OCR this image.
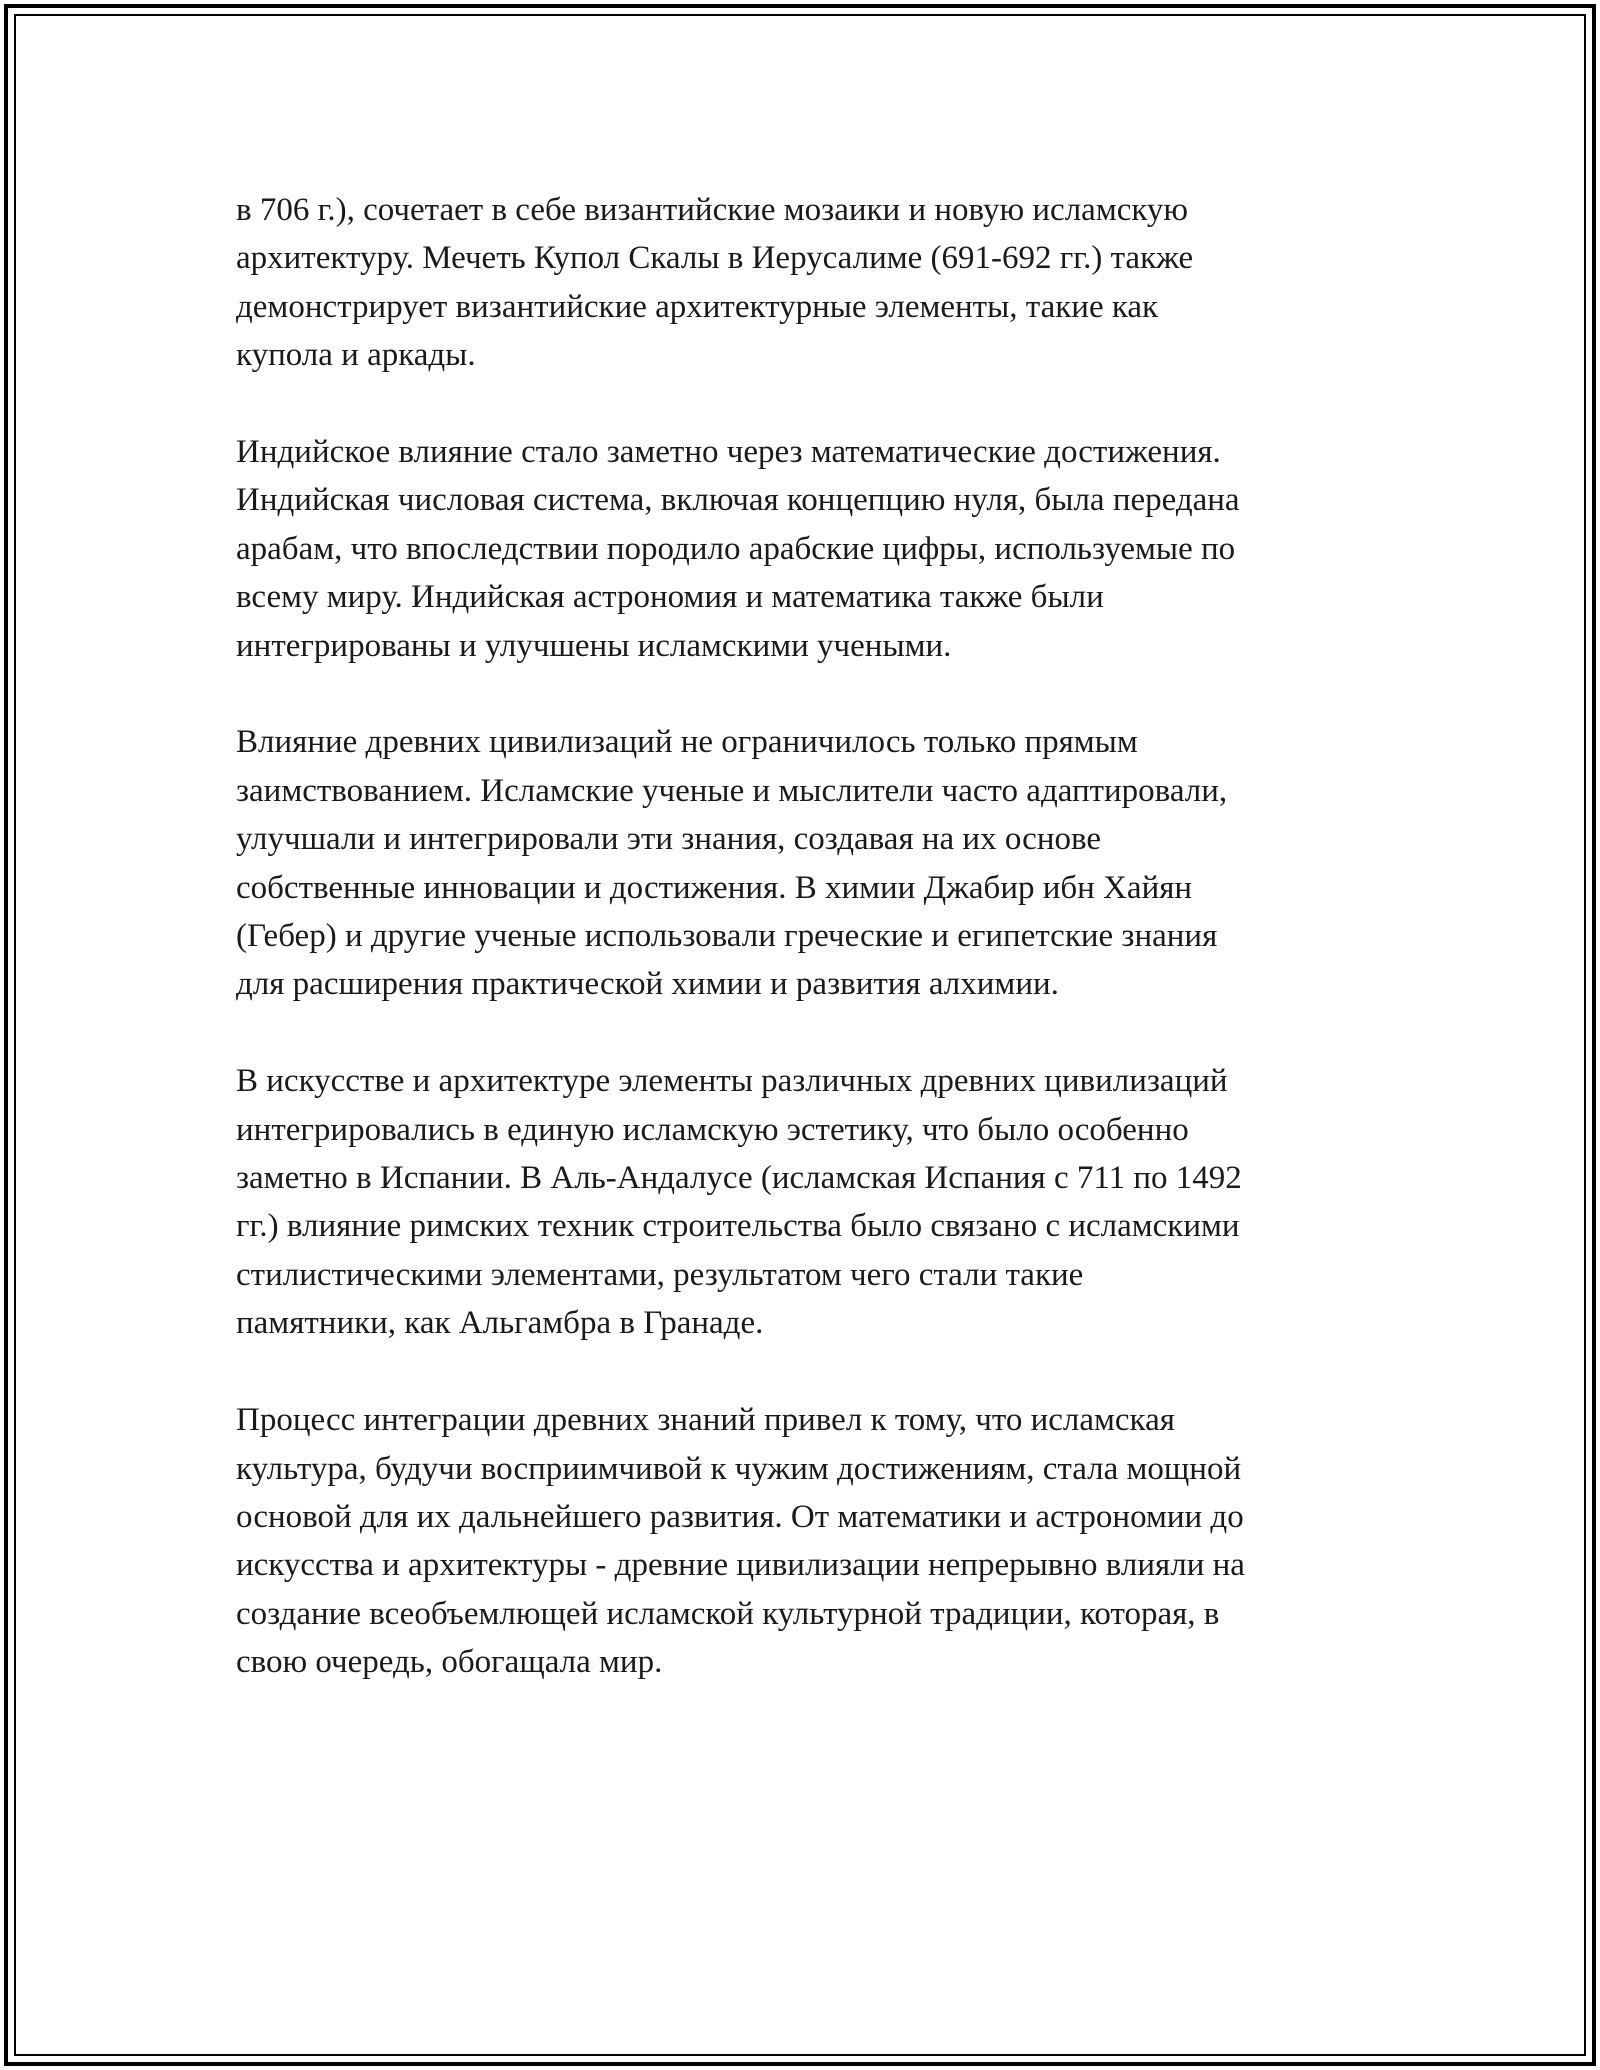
в 706 г.), сочетает в себе византийские мозаики и новую исламскую
архитектуру. Мечеть Купол Скалы в Иерусалиме (691-692 гг.) также
демонстрирует византийские архитектурные элементы, такие как
купола и аркады.

Индийское влияние стало заметно через математические достижения.
Индийская числовая система, включая концепцию нуля, была передана
арабам, что впоследствии породило арабские цифры, используемые по
всему миру. Индийская астрономия и математика также были
интегрированы и улучшены исламскими учеными.

Влияние древних цивилизаций не ограничилось только прямым
заимствованием. Исламские ученые и мыслители часто адаптировали,
улучшали и интегрировали эти знания, создавая на их основе
собственные инновации и достижения. В химии Джабир ибн Хайян
(Гебер) и другие ученые использовали греческие и египетские знания
для расширения практической химии и развития алхимии.

В искусстве и архитектуре элементы различных древних цивилизаций
интегрировались в единую исламскую эстетику, что было особенно
заметно в Испании. В Аль-Андалусе (исламская Испания с 711 по 1492
гг.) влияние римских техник строительства было связано с исламскими
стилистическими элементами, результатом чего стали такие
памятники, как Альгамбра в Гранаде.

Процесс интеграции древних знаний привел к тому, что исламская
культура, будучи восприимчивой к чужим достижениям, стала мощной
основой для их дальнейшего развития. От математики и астрономии до
искусства и архитектуры - древние цивилизации непрерывно влияли на
создание всеобъемлющей исламской культурной традиции, которая, в
свою очередь, обогащала мир.
